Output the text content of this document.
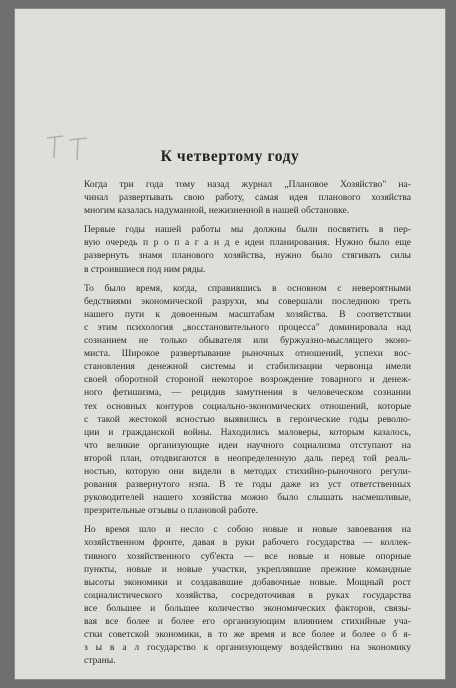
К четвертому году
Когда три года тому назад журнал „Плановое Хозяйство" на-
чинал развертывать свою работу, самая идея планового хозяйства
многим казалась надуманной, нежизненной в нашей обстановке.
Первые годы нашей работы мы должны были посвятить в пер-
вую очередь п р о п а г а н д е идеи планирования. Нужно было еще
развернуть знамя планового хозяйства, нужно было стягивать силы
в строившиеся под ним ряды.
То было время, когда, справившись в основном с невероятными
бедствиями экономической разрухи, мы совершали последнюю треть
нашего пути к довоенным масштабам хозяйства. В соответствии
с этим психология „восстановительного процесса" доминировала над
сознанием не только обывателя или буржуазно-мыслящего эконо-
миста. Широкое развертывание рыночных отношений, успехи вос-
становления денежной системы и стабилизации червонца имели
своей оборотной стороной некоторое возрождение товарного и денеж-
ного фетишизма, — рецидив замутнения в человеческом сознании
тех основных контуров социально-экономических отношений, которые
с такой жестокой ясностью выявились в героические годы револю-
ции и гражданской войны. Находились маловеры, которым казалось,
что великие организующие идеи научного социализма отступают на
второй план, отодвигаются в неопределенную даль перед той реаль-
ностью, которую они видели в методах стихийно-рыночного регули-
рования развернутого нэпа. В те годы даже из уст ответственных
руководителей нашего хозяйства можно было слышать насмешливые,
презрительные отзывы о плановой работе.
Но время шло и несло с собою новые и новые завоевания на
хозяйственном фронте, давая в руки рабочего государства — коллек-
тивного хозяйственного суб'екта — все новые и новые опорные
пункты, новые и новые участки, укреплявшие прежние командные
высоты экономики и создававшие добавочные новые. Мощный рост
социалистического хозяйства, сосредоточивая в руках государства
все большее и большее количество экономических факторов, связы-
вая все более и более его организующим влиянием стихийные уча-
стки советской экономики, в то же время и все более и более о б я-
з ы в а л государство к организующему воздействию на экономику
страны.
